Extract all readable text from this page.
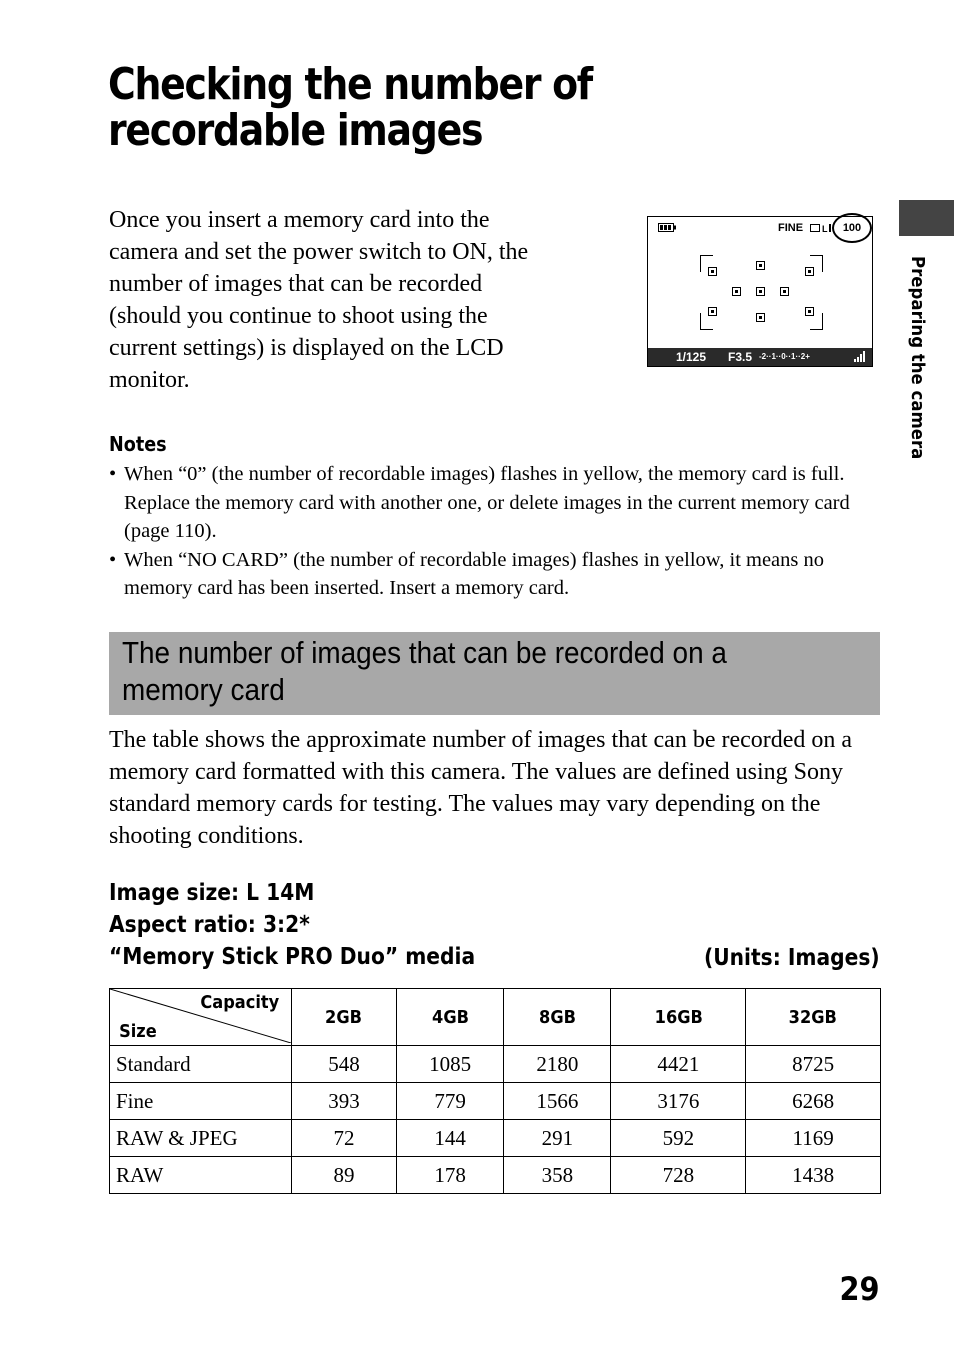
Checking the number of recordable images

Once you insert a memory card into the camera and set the power switch to ON, the number of images that can be recorded (should you continue to shoot using the current settings) is displayed on the LCD monitor.

FINE L
1/125 F3.5 -2··1··0··1··2+
100
Preparing the camera
Notes
• When “0” (the number of recordable images) flashes in yellow, the memory card is full. Replace the memory card with another one, or delete images in the current memory card (page 110).
• When “NO CARD” (the number of recordable images) flashes in yellow, it means no memory card has been inserted. Insert a memory card.
The number of images that can be recorded on a memory card

The table shows the approximate number of images that can be recorded on a memory card formatted with this camera. The values are defined using Sony standard memory cards for testing. The values may vary depending on the shooting conditions.

Image size: L 14M
Aspect ratio: 3:2*
“Memory Stick PRO Duo” media	(Units: Images)
Capacity
Size	2GB	4GB	8GB	16GB	32GB
Standard	548	1085	2180	4421	8725
Fine	393	779	1566	3176	6268
RAW & JPEG	72	144	291	592	1169
RAW	89	178	358	728	1438
29
